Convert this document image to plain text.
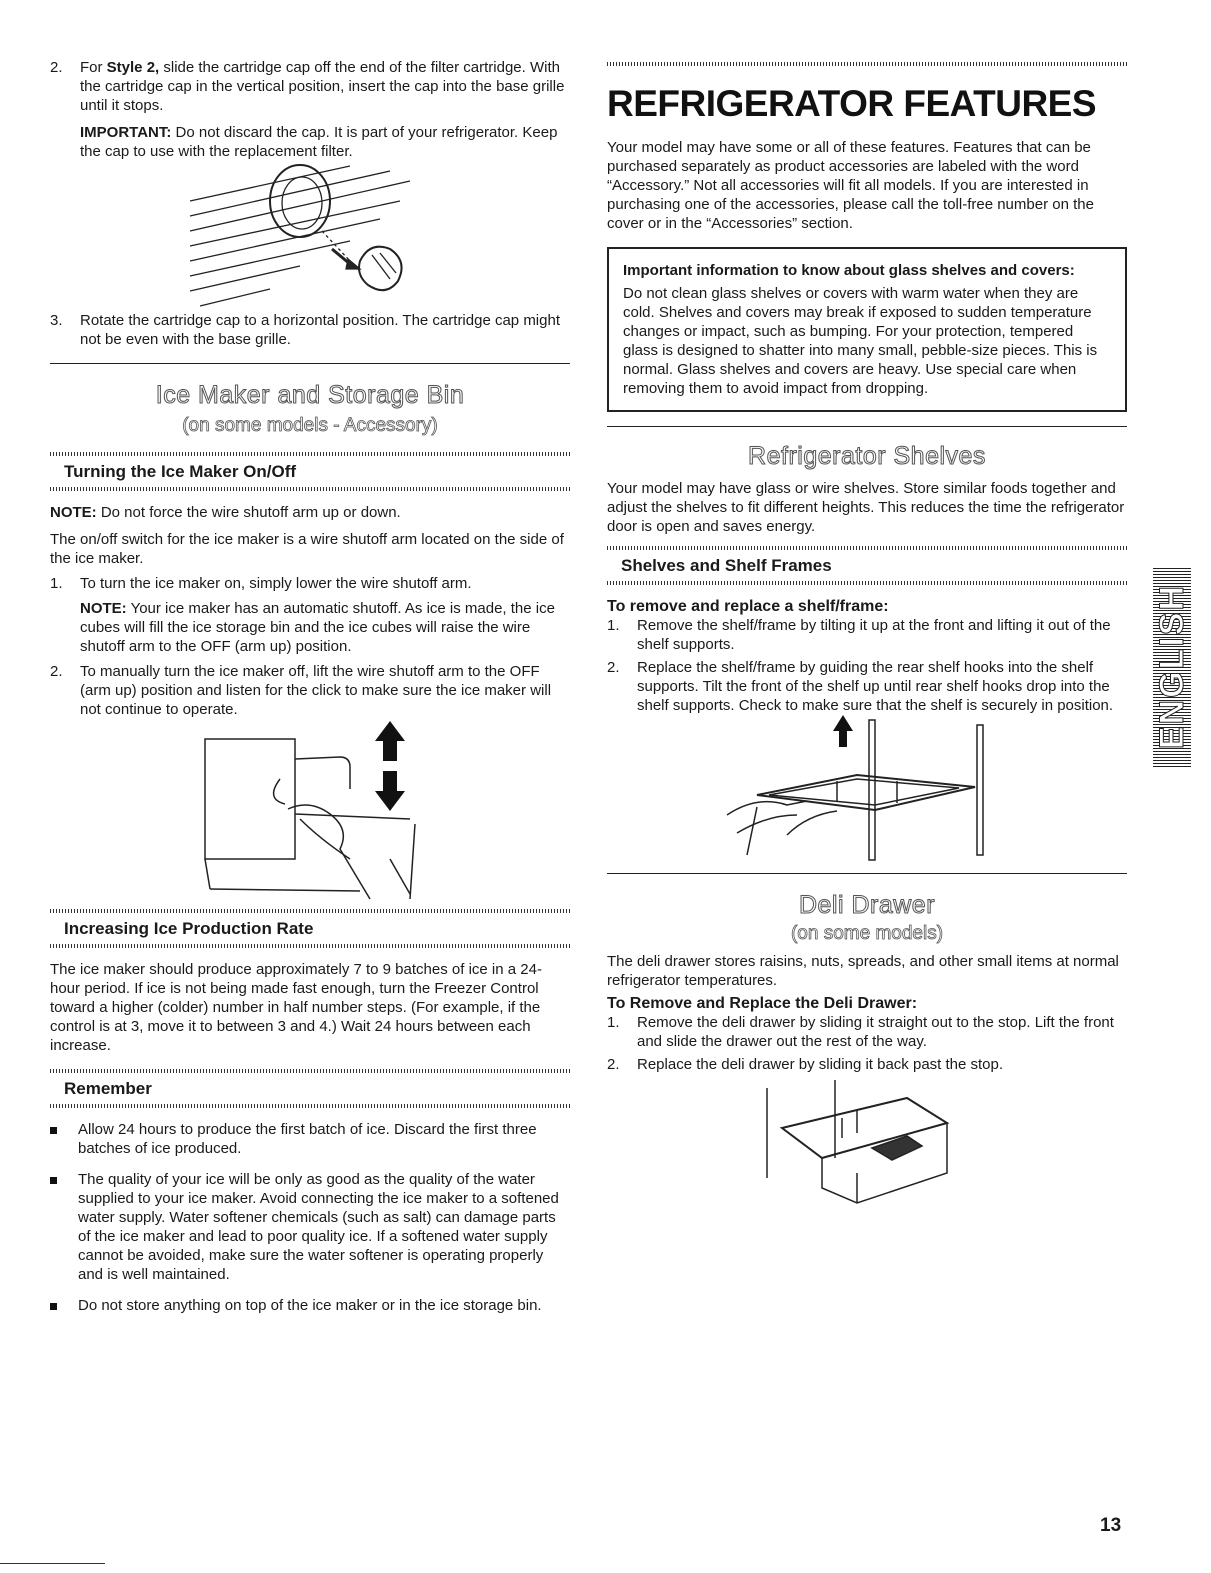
2.	For Style 2, slide the cartridge cap off the end of the filter cartridge. With the cartridge cap in the vertical position, insert the cap into the base grille until it stops.

IMPORTANT: Do not discard the cap. It is part of your refrigerator. Keep the cap to use with the replacement filter.

3.	Rotate the cartridge cap to a horizontal position. The cartridge cap might not be even with the base grille.
Ice Maker and Storage Bin
(on some models - Accessory)
Turning the Ice Maker On/Off

NOTE: Do not force the wire shutoff arm up or down.

The on/off switch for the ice maker is a wire shutoff arm located on the side of the ice maker.

1.	To turn the ice maker on, simply lower the wire shutoff arm.

NOTE: Your ice maker has an automatic shutoff. As ice is made, the ice cubes will fill the ice storage bin and the ice cubes will raise the wire shutoff arm to the OFF (arm up) position.

2.	To manually turn the ice maker off, lift the wire shutoff arm to the OFF (arm up) position and listen for the click to make sure the ice maker will not continue to operate.
Increasing Ice Production Rate

The ice maker should produce approximately 7 to 9 batches of ice in a 24-hour period. If ice is not being made fast enough, turn the Freezer Control toward a higher (colder) number in half number steps. (For example, if the control is at 3, move it to between 3 and 4.) Wait 24 hours between each increase.

Remember
Allow 24 hours to produce the first batch of ice. Discard the first three batches of ice produced.
The quality of your ice will be only as good as the quality of the water supplied to your ice maker. Avoid connecting the ice maker to a softened water supply. Water softener chemicals (such as salt) can damage parts of the ice maker and lead to poor quality ice. If a softened water supply cannot be avoided, make sure the water softener is operating properly and is well maintained.
Do not store anything on top of the ice maker or in the ice storage bin.
REFRIGERATOR FEATURES

Your model may have some or all of these features. Features that can be purchased separately as product accessories are labeled with the word “Accessory.” Not all accessories will fit all models. If you are interested in purchasing one of the accessories, please call the toll-free number on the cover or in the “Accessories” section.

Important information to know about glass shelves and covers:

Do not clean glass shelves or covers with warm water when they are cold. Shelves and covers may break if exposed to sudden temperature changes or impact, such as bumping. For your protection, tempered glass is designed to shatter into many small, pebble-size pieces. This is normal. Glass shelves and covers are heavy. Use special care when removing them to avoid impact from dropping.

Refrigerator Shelves

Your model may have glass or wire shelves. Store similar foods together and adjust the shelves to fit different heights. This reduces the time the refrigerator door is open and saves energy.

Shelves and Shelf Frames

To remove and replace a shelf/frame:

1.	Remove the shelf/frame by tilting it up at the front and lifting it out of the shelf supports.
2.	Replace the shelf/frame by guiding the rear shelf hooks into the shelf supports. Tilt the front of the shelf up until rear shelf hooks drop into the shelf supports. Check to make sure that the shelf is securely in position.
Deli Drawer
(on some models)

The deli drawer stores raisins, nuts, spreads, and other small items at normal refrigerator temperatures.

To Remove and Replace the Deli Drawer:

1.	Remove the deli drawer by sliding it straight out to the stop. Lift the front and slide the drawer out the rest of the way.
2.	Replace the deli drawer by sliding it back past the stop.
ENGLISH
13
